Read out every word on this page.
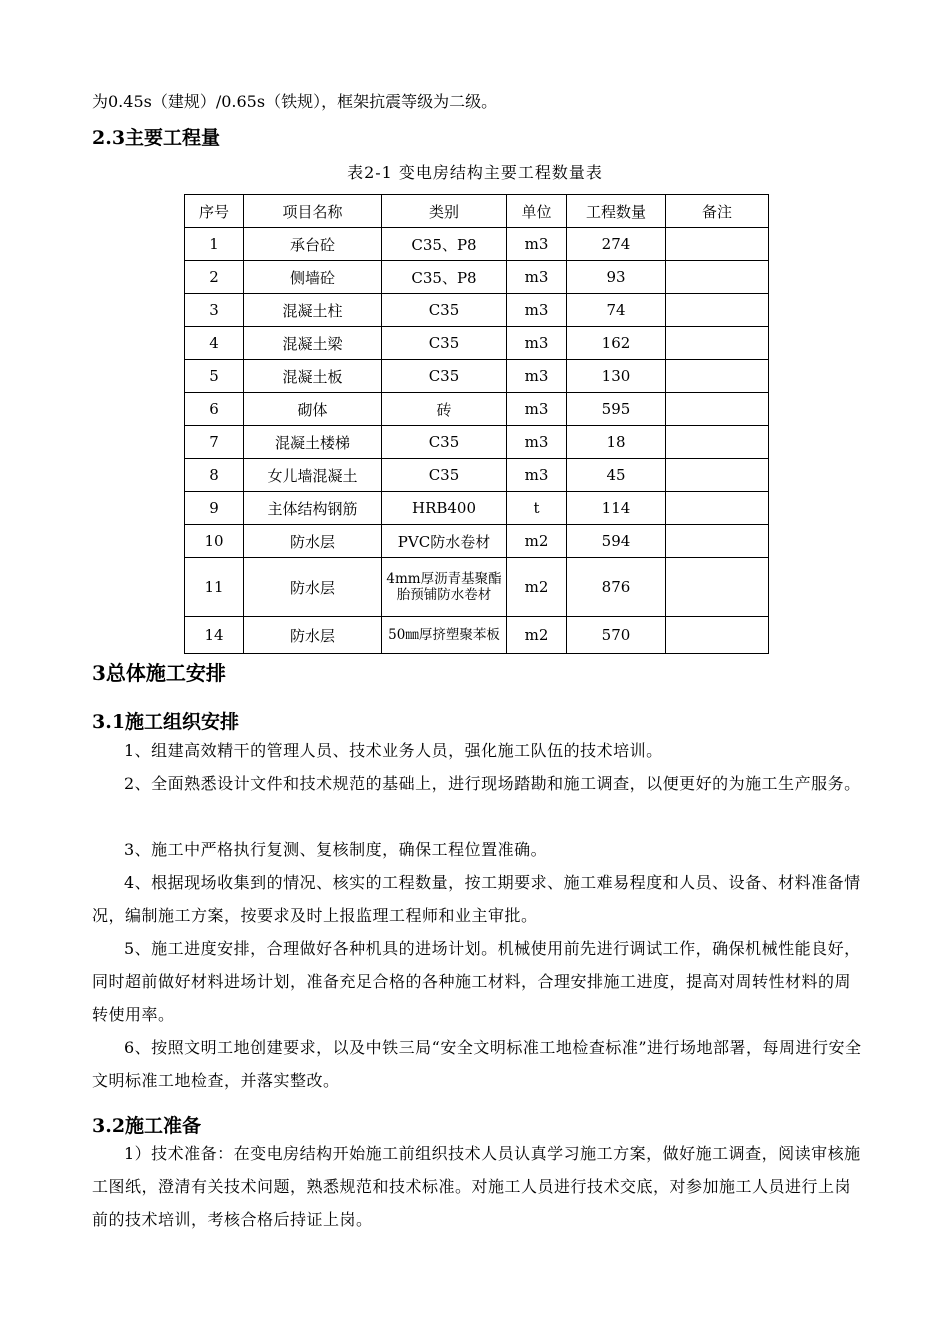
为0.45s（建规）/0.65s（铁规），框架抗震等级为二级。
2.3主要工程量
表2-1 变电房结构主要工程数量表
序号	项目名称	类别	单位	工程数量	备注
1	承台砼	C35、P8	m3	274	
2	侧墙砼	C35、P8	m3	93	
3	混凝土柱	C35	m3	74	
4	混凝土梁	C35	m3	162	
5	混凝土板	C35	m3	130	
6	砌体	砖	m3	595	
7	混凝土楼梯	C35	m3	18	
8	女儿墙混凝土	C35	m3	45	
9	主体结构钢筋	HRB400	t	114	
10	防水层	PVC防水卷材	m2	594	
11	防水层	4mm厚沥青基聚酯胎预铺防水卷材	m2	876	
14	防水层	50㎜厚挤塑聚苯板	m2	570	
3总体施工安排
3.1施工组织安排
1、组建高效精干的管理人员、技术业务人员，强化施工队伍的技术培训。
2、全面熟悉设计文件和技术规范的基础上，进行现场踏勘和施工调查，以便更好的为施工生产服务。
3、施工中严格执行复测、复核制度，确保工程位置准确。
4、根据现场收集到的情况、核实的工程数量，按工期要求、施工难易程度和人员、设备、材料准备情况，编制施工方案，按要求及时上报监理工程师和业主审批。
5、施工进度安排，合理做好各种机具的进场计划。机械使用前先进行调试工作，确保机械性能良好，同时超前做好材料进场计划，准备充足合格的各种施工材料，合理安排施工进度，提高对周转性材料的周转使用率。
6、按照文明工地创建要求，以及中铁三局“安全文明标准工地检查标准”进行场地部署，每周进行安全文明标准工地检查，并落实整改。
3.2施工准备
1）技术准备：在变电房结构开始施工前组织技术人员认真学习施工方案，做好施工调查，阅读审核施工图纸，澄清有关技术问题，熟悉规范和技术标准。对施工人员进行技术交底，对参加施工人员进行上岗前的技术培训，考核合格后持证上岗。
